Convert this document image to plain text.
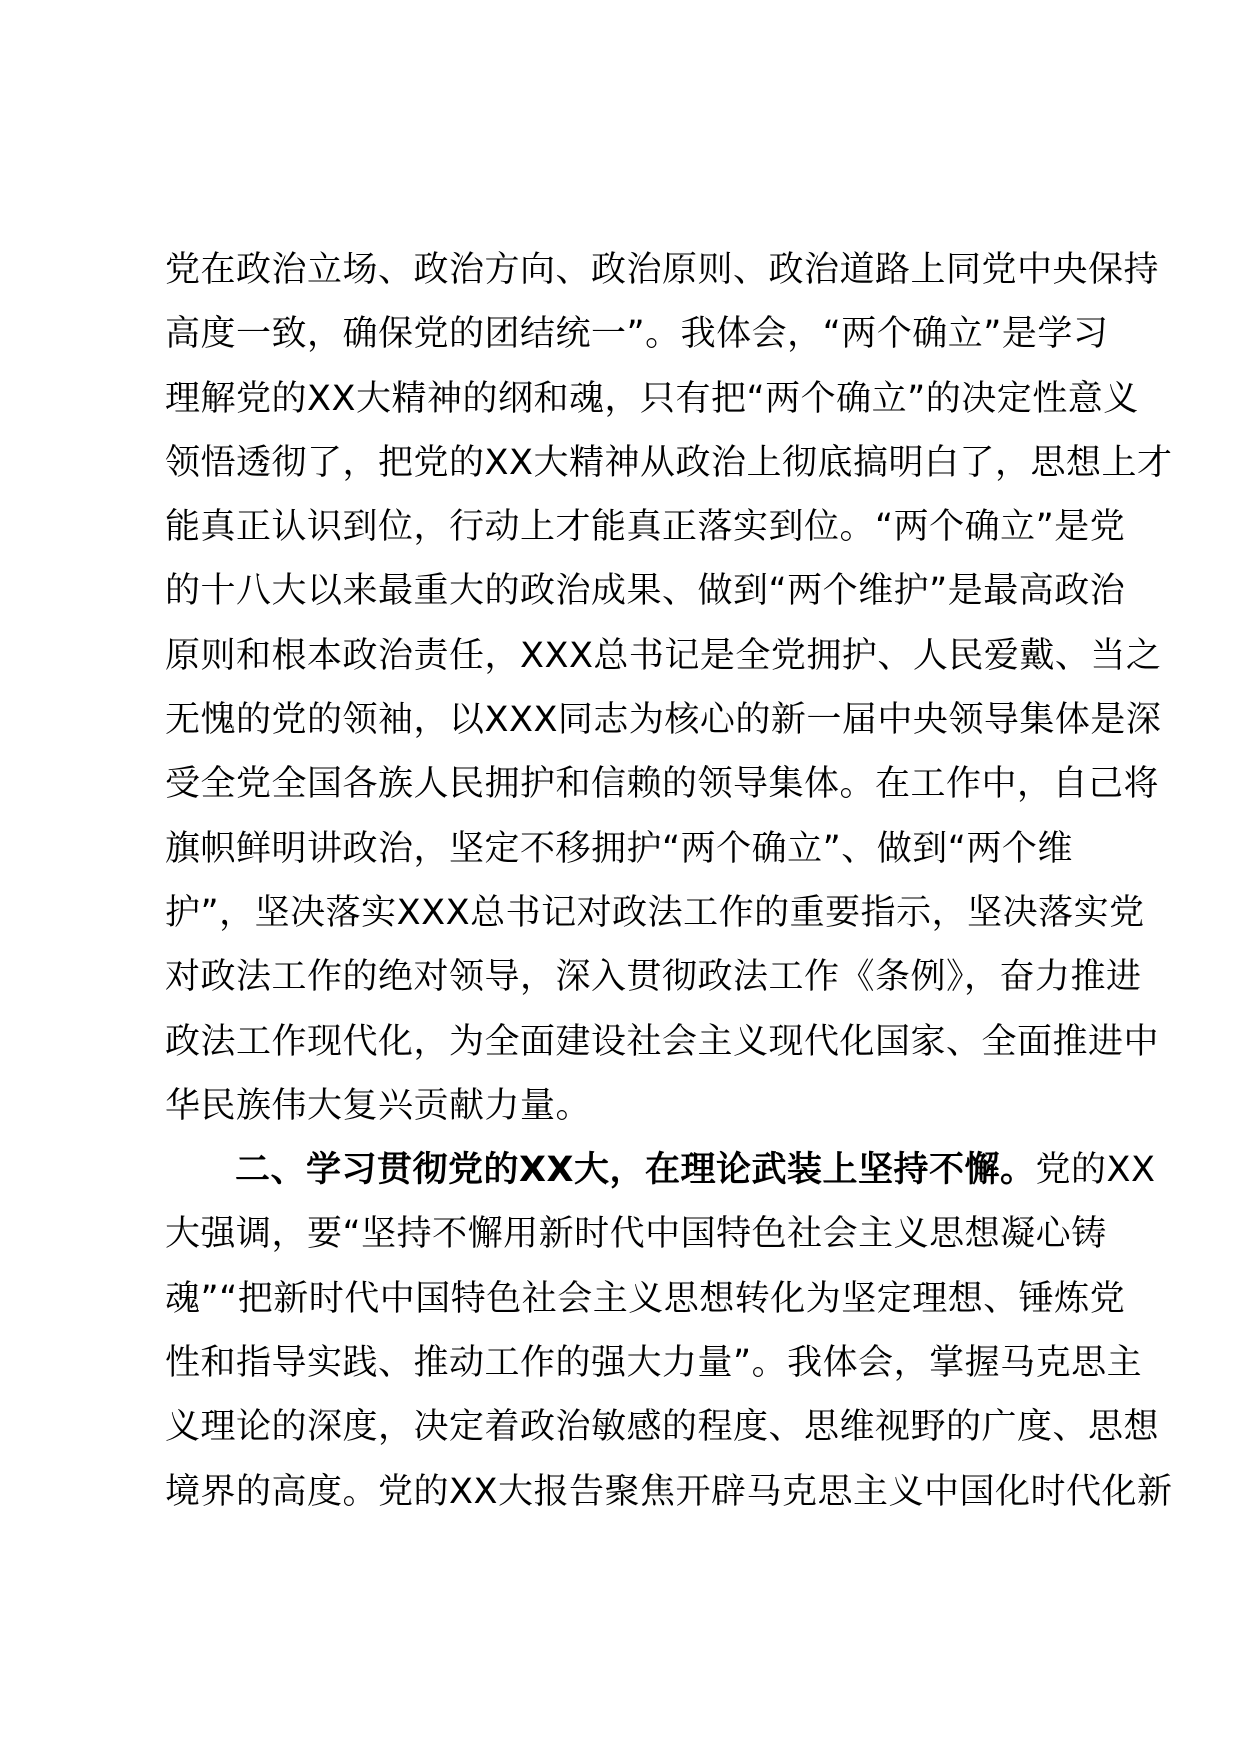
党在政治立场、政治方向、政治原则、政治道路上同党中央保持
高度一致，确保党的团结统一”。我体会，“两个确立”是学习
理解党的XX大精神的纲和魂，只有把“两个确立”的决定性意义
领悟透彻了，把党的XX大精神从政治上彻底搞明白了，思想上才
能真正认识到位，行动上才能真正落实到位。“两个确立”是党
的十八大以来最重大的政治成果、做到“两个维护”是最高政治
原则和根本政治责任，XXX总书记是全党拥护、人民爱戴、当之
无愧的党的领袖，以XXX同志为核心的新一届中央领导集体是深
受全党全国各族人民拥护和信赖的领导集体。在工作中，自己将
旗帜鲜明讲政治，坚定不移拥护“两个确立”、做到“两个维
护”，坚决落实XXX总书记对政法工作的重要指示，坚决落实党
对政法工作的绝对领导，深入贯彻政法工作《条例》，奋力推进
政法工作现代化，为全面建设社会主义现代化国家、全面推进中
华民族伟大复兴贡献力量。
二、学习贯彻党的XX大，在理论武装上坚持不懈。党的XX
大强调，要“坚持不懈用新时代中国特色社会主义思想凝心铸
魂”“把新时代中国特色社会主义思想转化为坚定理想、锤炼党
性和指导实践、推动工作的强大力量”。我体会，掌握马克思主
义理论的深度，决定着政治敏感的程度、思维视野的广度、思想
境界的高度。党的XX大报告聚焦开辟马克思主义中国化时代化新
